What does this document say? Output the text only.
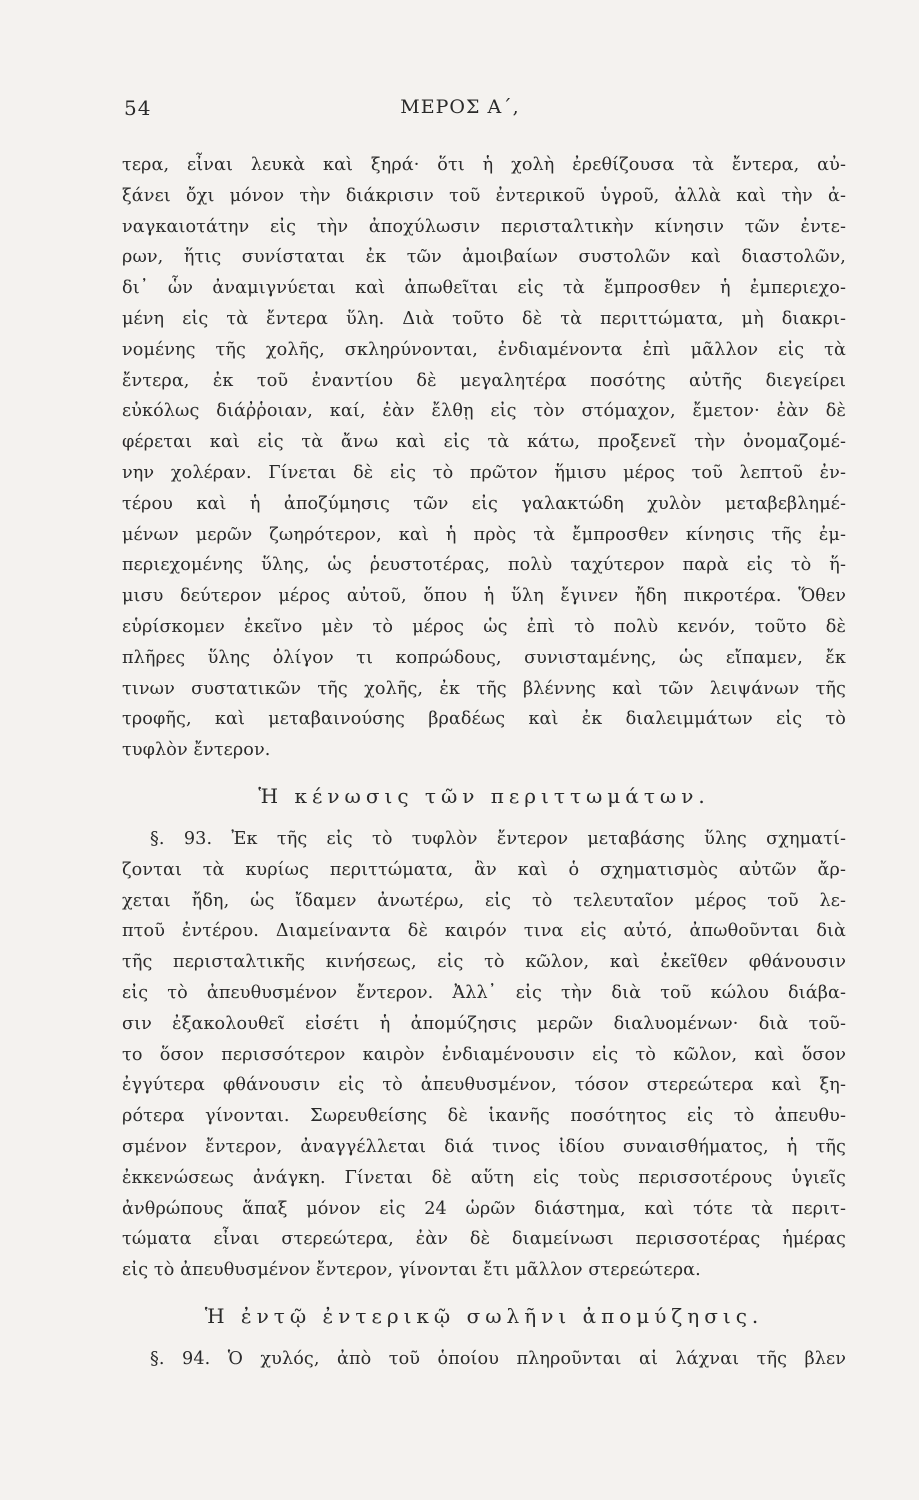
54	ΜΕΡΟΣ Α΄,
τερα, εἶναι λευκὰ καὶ ξηρά· ὅτι ἡ χολὴ ἐρεθίζουσα τὰ ἔντερα, αὐ-
ξάνει ὄχι μόνον τὴν διάκρισιν τοῦ ἐντερικοῦ ὑγροῦ, ἀλλὰ καὶ τὴν ἀ-
ναγκαιοτάτην εἰς τὴν ἀποχύλωσιν περισταλτικὴν κίνησιν τῶν ἐντε-
ρων, ἥτις συνίσταται ἐκ τῶν ἀμοιβαίων συστολῶν καὶ διαστολῶν,
δι᾽ ὧν ἀναμιγνύεται καὶ ἀπωθεῖται εἰς τὰ ἔμπροσθεν ἡ ἐμπεριεχο-
μένη εἰς τὰ ἔντερα ὕλη. Διὰ τοῦτο δὲ τὰ περιττώματα, μὴ διακρι-
νομένης τῆς χολῆς, σκληρύνονται, ἐνδιαμένοντα ἐπὶ μᾶλλον εἰς τὰ
ἔντερα, ἐκ τοῦ ἐναντίου δὲ μεγαλητέρα ποσότης αὐτῆς διεγείρει
εὐκόλως διάῤῥοιαν, καί, ἐὰν ἔλθῃ εἰς τὸν στόμαχον, ἔμετον· ἐὰν δὲ
φέρεται καὶ εἰς τὰ ἄνω καὶ εἰς τὰ κάτω, προξενεῖ τὴν ὀνομαζομέ-
νην χολέραν. Γίνεται δὲ εἰς τὸ πρῶτον ἥμισυ μέρος τοῦ λεπτοῦ ἐν-
τέρου καὶ ἡ ἀποζύμησις τῶν εἰς γαλακτώδη χυλὸν μεταβεβλημέ-
μένων μερῶν ζωηρότερον, καὶ ἡ πρὸς τὰ ἔμπροσθεν κίνησις τῆς ἐμ-
περιεχομένης ὕλης, ὡς ῥευστοτέρας, πολὺ ταχύτερον παρὰ εἰς τὸ ἥ-
μισυ δεύτερον μέρος αὐτοῦ, ὅπου ἡ ὕλη ἔγινεν ἤδη πικροτέρα. Ὅθεν
εὑρίσκομεν ἐκεῖνο μὲν τὸ μέρος ὡς ἐπὶ τὸ πολὺ κενόν, τοῦτο δὲ
πλῆρες ὕλης ὀλίγον τι κοπρώδους, συνισταμένης, ὡς εἴπαμεν, ἔκ
τινων συστατικῶν τῆς χολῆς, ἐκ τῆς βλέννης καὶ τῶν λειψάνων τῆς
τροφῆς, καὶ μεταβαινούσης βραδέως καὶ ἐκ διαλειμμάτων εἰς τὸ
τυφλὸν ἔντερον.
Ἡ κένωσις τῶν περιττωμάτων.
§. 93. Ἐκ τῆς εἰς τὸ τυφλὸν ἔντερον μεταβάσης ὕλης σχηματί-
ζονται τὰ κυρίως περιττώματα, ἂν καὶ ὁ σχηματισμὸς αὐτῶν ἄρ-
χεται ἤδη, ὡς ἴδαμεν ἀνωτέρω, εἰς τὸ τελευταῖον μέρος τοῦ λε-
πτοῦ ἐντέρου. Διαμείναντα δὲ καιρόν τινα εἰς αὐτό, ἀπωθοῦνται διὰ
τῆς περισταλτικῆς κινήσεως, εἰς τὸ κῶλον, καὶ ἐκεῖθεν φθάνουσιν
εἰς τὸ ἀπευθυσμένον ἔντερον. Ἀλλ᾽ εἰς τὴν διὰ τοῦ κώλου διάβα-
σιν ἐξακολουθεῖ εἰσέτι ἡ ἀπομύζησις μερῶν διαλυομένων· διὰ τοῦ-
το ὅσον περισσότερον καιρὸν ἐνδιαμένουσιν εἰς τὸ κῶλον, καὶ ὅσον
ἐγγύτερα φθάνουσιν εἰς τὸ ἀπευθυσμένον, τόσον στερεώτερα καὶ ξη-
ρότερα γίνονται. Σωρευθείσης δὲ ἱκανῆς ποσότητος εἰς τὸ ἀπευθυ-
σμένον ἔντερον, ἀναγγέλλεται διά τινος ἰδίου συναισθήματος, ἡ τῆς
ἐκκενώσεως ἀνάγκη. Γίνεται δὲ αὕτη εἰς τοὺς περισσοτέρους ὑγιεῖς
ἀνθρώπους ἅπαξ μόνον εἰς 24 ὡρῶν διάστημα, καὶ τότε τὰ περιτ-
τώματα εἶναι στερεώτερα, ἐὰν δὲ διαμείνωσι περισσοτέρας ἡμέρας
εἰς τὸ ἀπευθυσμένον ἔντερον, γίνονται ἔτι μᾶλλον στερεώτερα.
Ἡ ἐντῷ ἐντερικῷ σωλῆνι ἀπομύζησις.
§. 94. Ὁ χυλός, ἀπὸ τοῦ ὁποίου πληροῦνται αἱ λάχναι τῆς βλεν
